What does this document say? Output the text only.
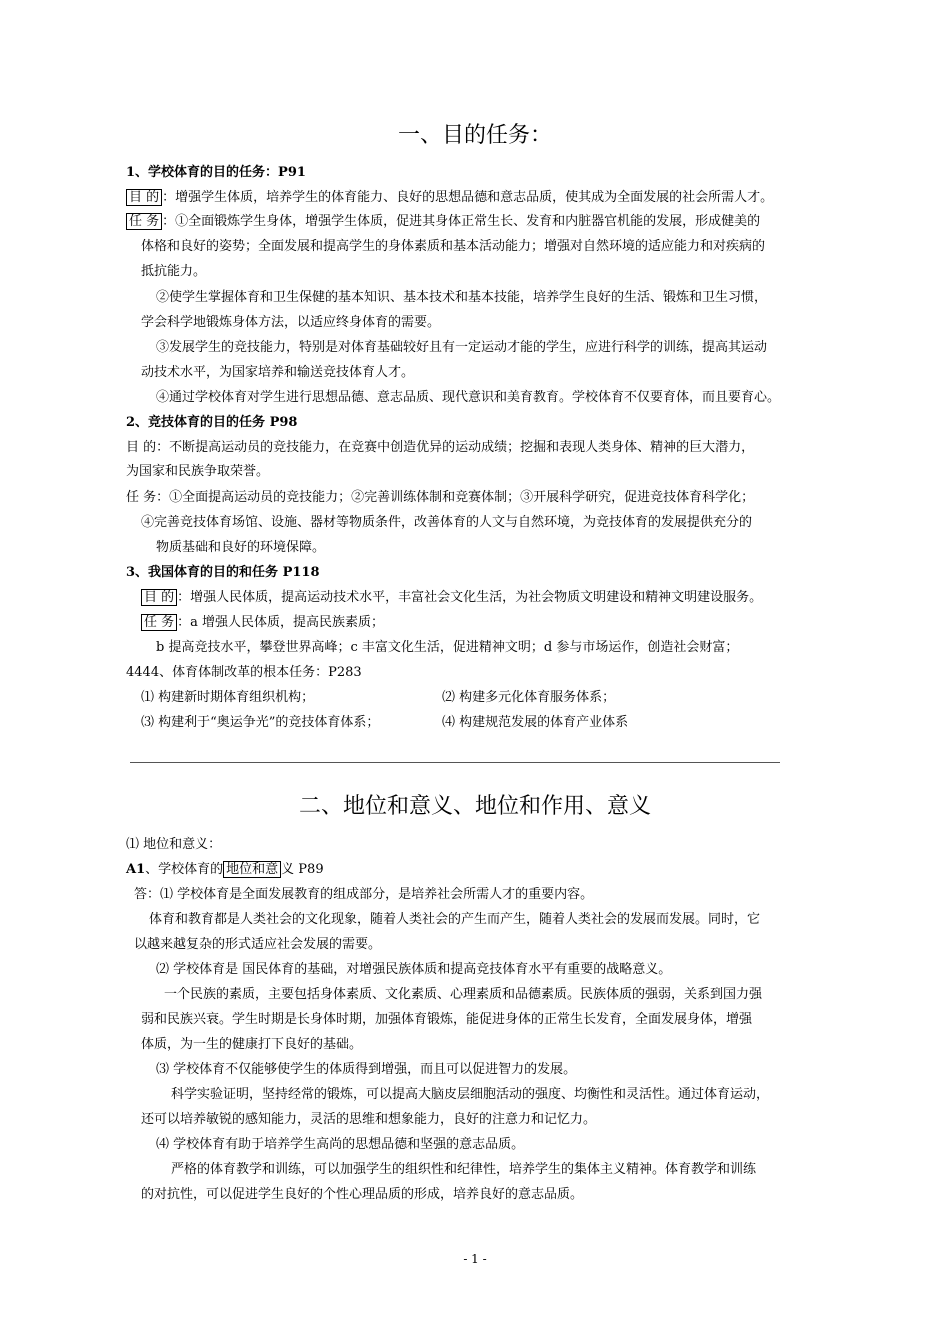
一、目的任务：
1、学校体育的目的任务：P91
目 的 ：增强学生体质，培养学生的体育能力、良好的思想品德和意志品质，使其成为全面发展的社会所需人才。
任 务 ：①全面锻炼学生身体，增强学生体质，促进其身体正常生长、发育和内脏器官机能的发展，形成健美的
体格和良好的姿势；全面发展和提高学生的身体素质和基本活动能力；增强对自然环境的适应能力和对疾病的
抵抗能力。
②使学生掌握体育和卫生保健的基本知识、基本技术和基本技能，培养学生良好的生活、锻炼和卫生习惯，
学会科学地锻炼身体方法，以适应终身体育的需要。
③发展学生的竞技能力，特别是对体育基础较好且有一定运动才能的学生，应进行科学的训练，提高其运动
动技术水平，为国家培养和输送竞技体育人才。
④通过学校体育对学生进行思想品德、意志品质、现代意识和美育教育。学校体育不仅要育体，而且要育心。
2、竞技体育的目的任务 P98
目 的：不断提高运动员的竞技能力，在竞赛中创造优异的运动成绩；挖掘和表现人类身体、精神的巨大潜力，
为国家和民族争取荣誉。
任 务：①全面提高运动员的竞技能力；②完善训练体制和竞赛体制；③开展科学研究，促进竞技体育科学化；
④完善竞技体育场馆、设施、器材等物质条件，改善体育的人文与自然环境，为竞技体育的发展提供充分的
物质基础和良好的环境保障。
3、我国体育的目的和任务 P118
目 的 ：增强人民体质，提高运动技术水平，丰富社会文化生活，为社会物质文明建设和精神文明建设服务。
任 务 ：a 增强人民体质，提高民族素质；
b 提高竞技水平，攀登世界高峰；c 丰富文化生活，促进精神文明；d 参与市场运作，创造社会财富；
4444、体育体制改革的根本任务：P283
⑴ 构建新时期体育组织机构；	⑵ 构建多元化体育服务体系；
⑶ 构建利于“奥运争光”的竞技体育体系；	⑷ 构建规范发展的体育产业体系
二、地位和意义、地位和作用、意义
⑴ 地位和意义：
A1、学校体育的 地位和意 义 P89
答：⑴ 学校体育是全面发展教育的组成部分，是培养社会所需人才的重要内容。
体育和教育都是人类社会的文化现象，随着人类社会的产生而产生，随着人类社会的发展而发展。同时，它
以越来越复杂的形式适应社会发展的需要。
⑵ 学校体育是 国民体育的基础，对增强民族体质和提高竞技体育水平有重要的战略意义。
一个民族的素质，主要包括身体素质、文化素质、心理素质和品德素质。民族体质的强弱，关系到国力强
弱和民族兴衰。学生时期是长身体时期，加强体育锻炼，能促进身体的正常生长发育，全面发展身体，增强
体质，为一生的健康打下良好的基础。
⑶ 学校体育不仅能够使学生的体质得到增强，而且可以促进智力的发展。
科学实验证明，坚持经常的锻炼，可以提高大脑皮层细胞活动的强度、均衡性和灵活性。通过体育运动，
还可以培养敏锐的感知能力，灵活的思维和想象能力，良好的注意力和记忆力。
⑷ 学校体育有助于培养学生高尚的思想品德和坚强的意志品质。
严格的体育教学和训练，可以加强学生的组织性和纪律性，培养学生的集体主义精神。体育教学和训练
的对抗性，可以促进学生良好的个性心理品质的形成，培养良好的意志品质。
- 1 -
